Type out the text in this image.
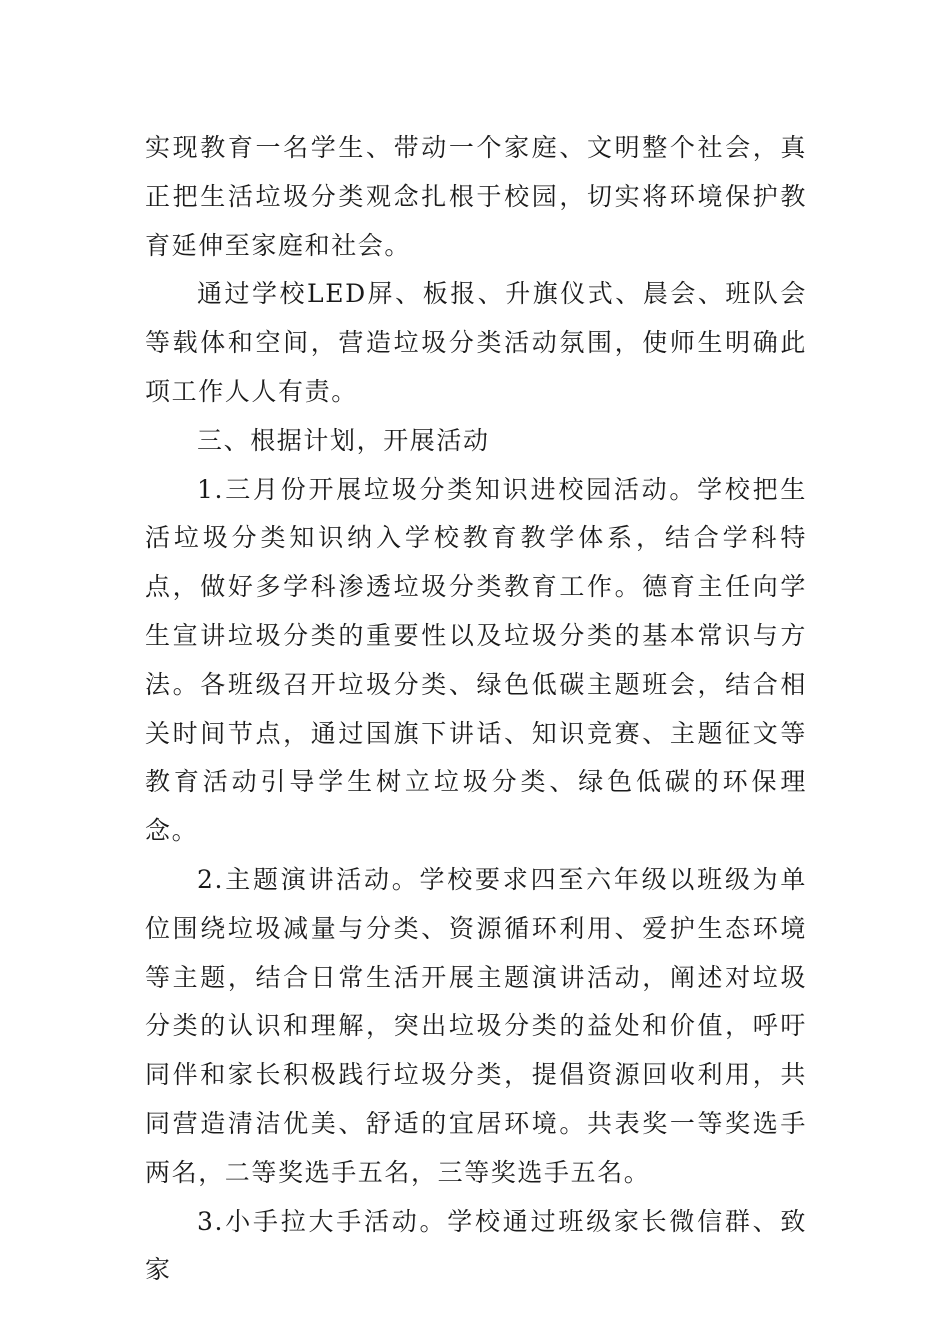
实现教育一名学生、带动一个家庭、文明整个社会，真正把生活垃圾分类观念扎根于校园，切实将环境保护教育延伸至家庭和社会。

通过学校LED屏、板报、升旗仪式、晨会、班队会等载体和空间，营造垃圾分类活动氛围，使师生明确此项工作人人有责。

三、根据计划，开展活动

1.三月份开展垃圾分类知识进校园活动。学校把生活垃圾分类知识纳入学校教育教学体系，结合学科特点，做好多学科渗透垃圾分类教育工作。德育主任向学生宣讲垃圾分类的重要性以及垃圾分类的基本常识与方法。各班级召开垃圾分类、绿色低碳主题班会，结合相关时间节点，通过国旗下讲话、知识竞赛、主题征文等教育活动引导学生树立垃圾分类、绿色低碳的环保理念。

2.主题演讲活动。学校要求四至六年级以班级为单位围绕垃圾减量与分类、资源循环利用、爱护生态环境等主题，结合日常生活开展主题演讲活动，阐述对垃圾分类的认识和理解，突出垃圾分类的益处和价值，呼吁同伴和家长积极践行垃圾分类，提倡资源回收利用，共同营造清洁优美、舒适的宜居环境。共表奖一等奖选手两名，二等奖选手五名，三等奖选手五名。

3.小手拉大手活动。学校通过班级家长微信群、致家
